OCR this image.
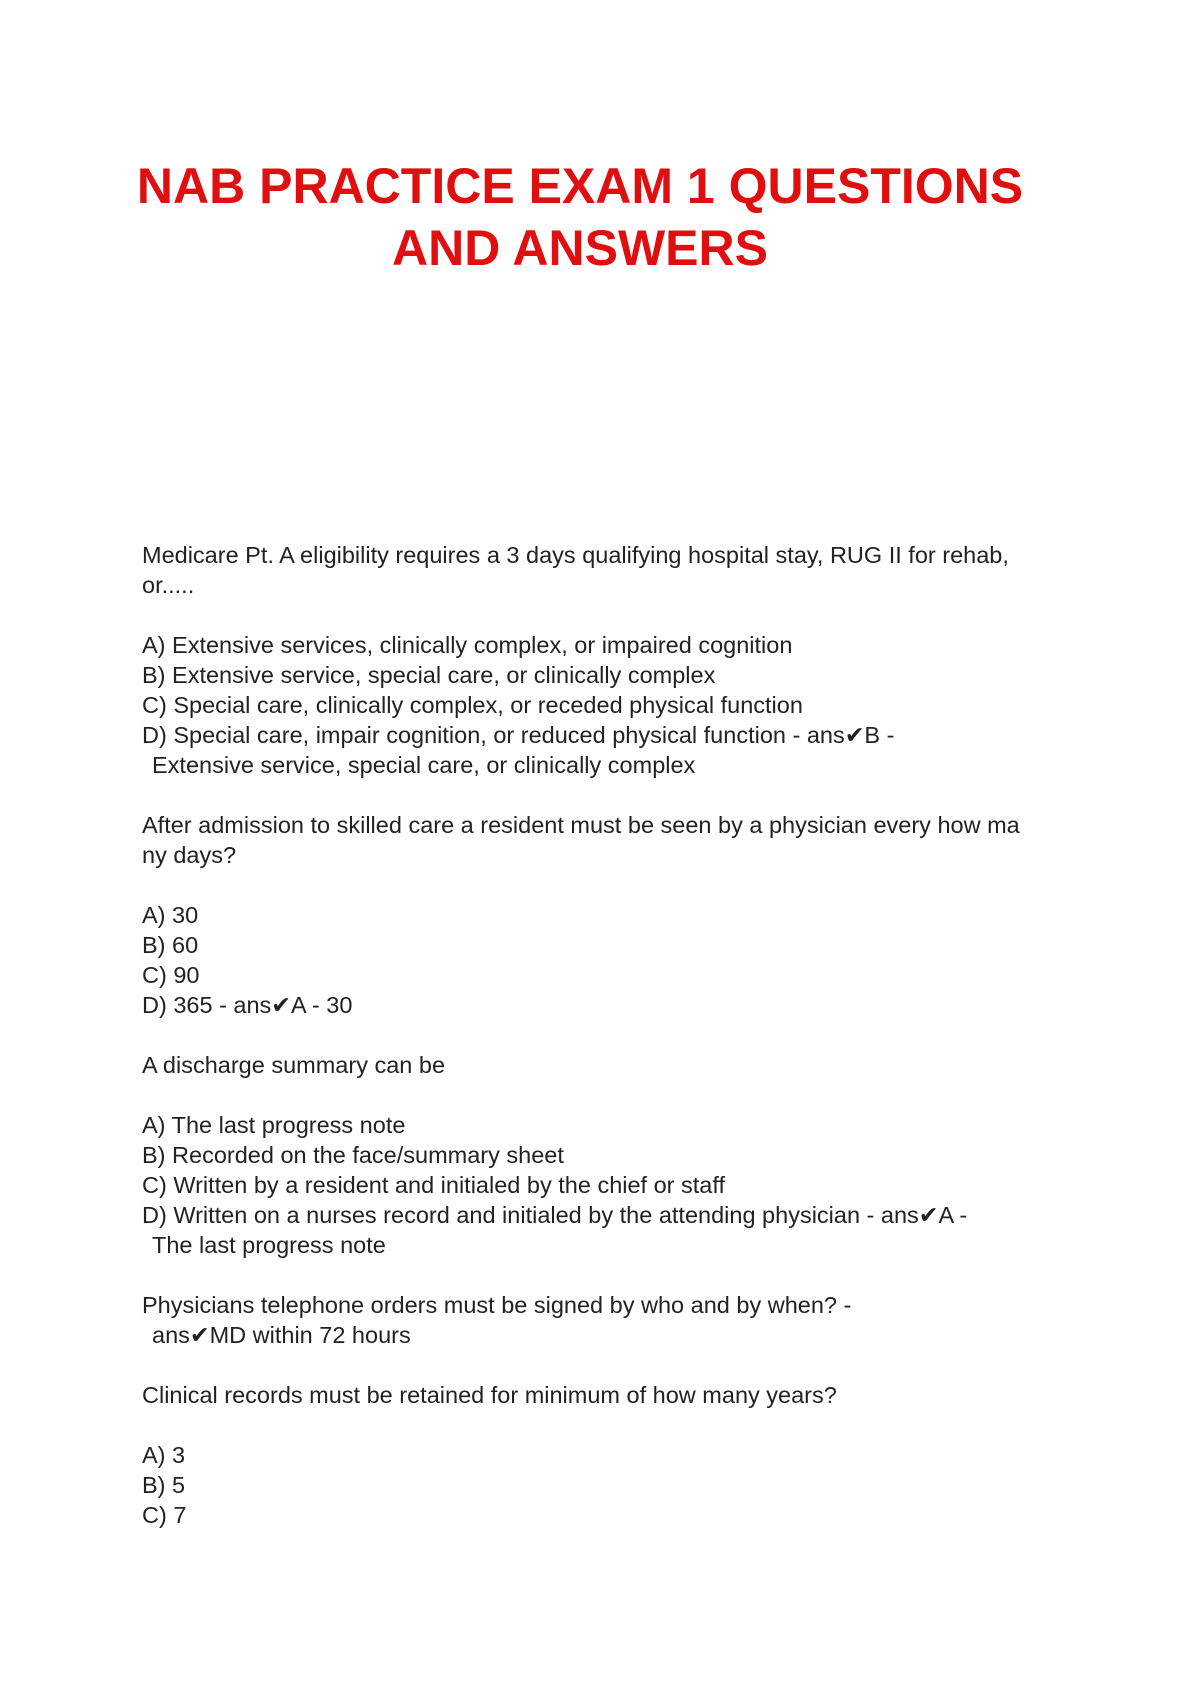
NAB PRACTICE EXAM 1 QUESTIONS
AND ANSWERS
Medicare Pt. A eligibility requires a 3 days qualifying hospital stay, RUG II for rehab,
or.....
A) Extensive services, clinically complex, or impaired cognition
B) Extensive service, special care, or clinically complex
C) Special care, clinically complex, or receded physical function
D) Special care, impair cognition, or reduced physical function - ans✔B -
Extensive service, special care, or clinically complex
After admission to skilled care a resident must be seen by a physician every how ma
ny days?
A) 30
B) 60
C) 90
D) 365 - ans✔A - 30
A discharge summary can be
A) The last progress note
B) Recorded on the face/summary sheet
C) Written by a resident and initialed by the chief or staff
D) Written on a nurses record and initialed by the attending physician - ans✔A -
The last progress note
Physicians telephone orders must be signed by who and by when? -
ans✔MD within 72 hours
Clinical records must be retained for minimum of how many years?
A) 3
B) 5
C) 7
